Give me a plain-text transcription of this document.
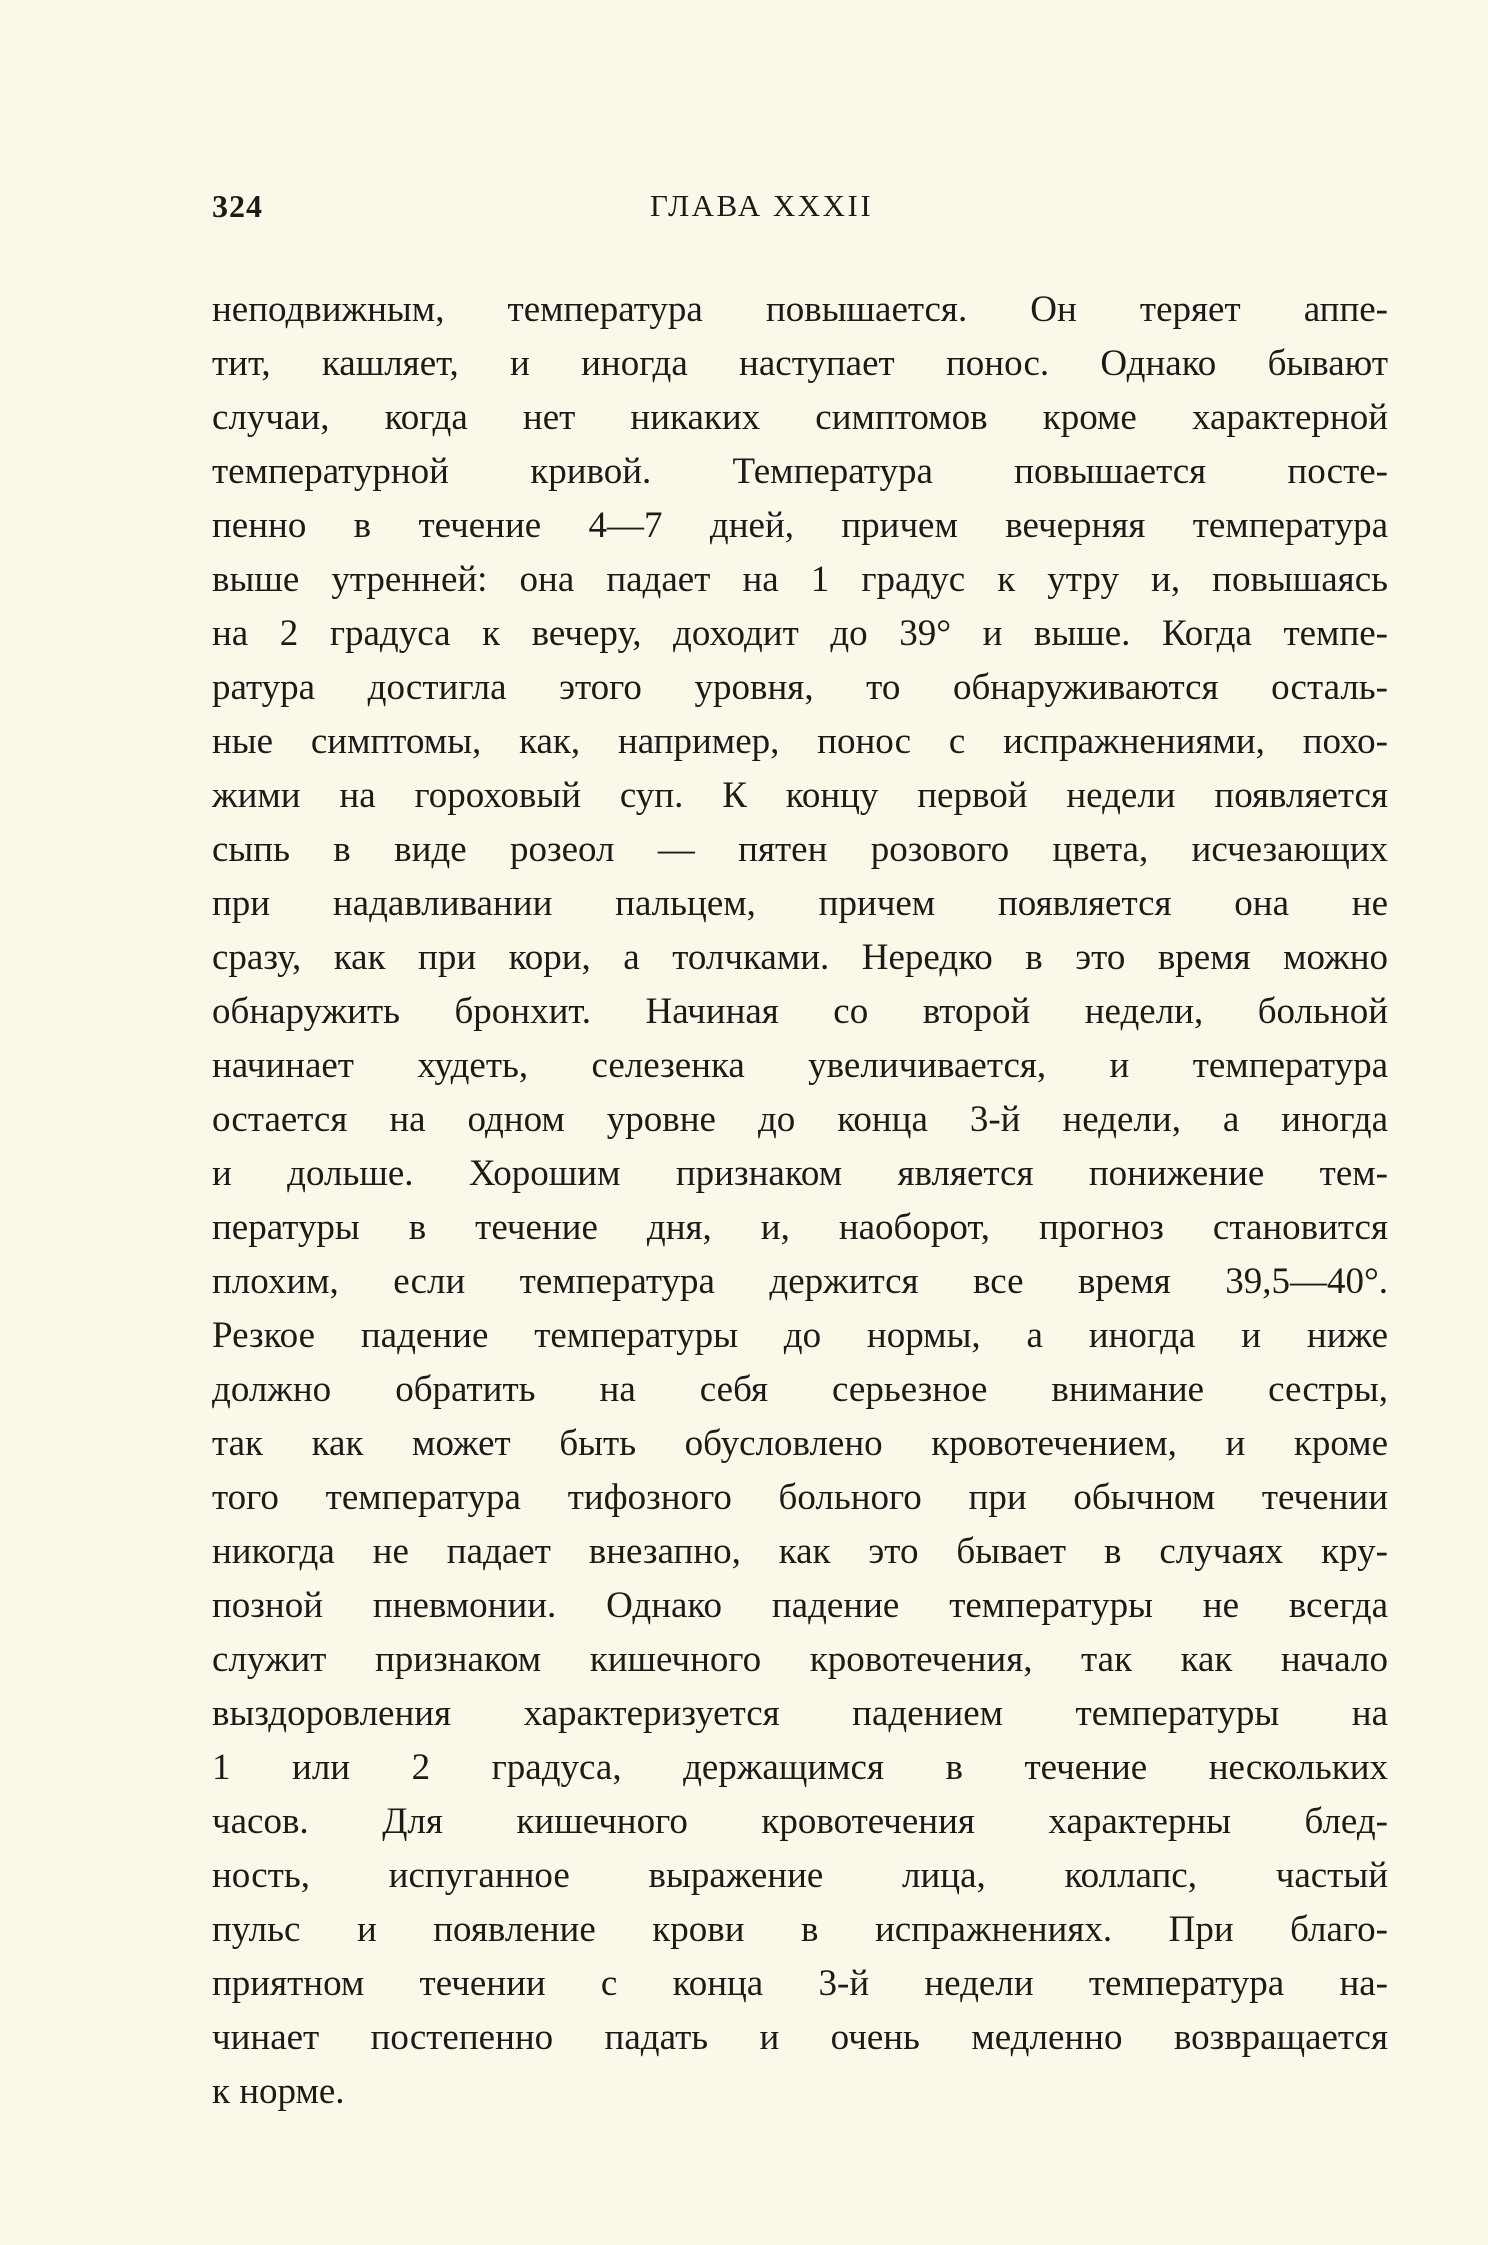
324	ГЛАВА XXXII
неподвижным, температура повышается. Он теряет аппе-
тит, кашляет, и иногда наступает понос. Однако бывают
случаи, когда нет никаких симптомов кроме характерной
температурной кривой. Температура повышается посте-
пенно в течение 4—7 дней, причем вечерняя температура
выше утренней: она падает на 1 градус к утру и, повышаясь
на 2 градуса к вечеру, доходит до 39° и выше. Когда темпе-
ратура достигла этого уровня, то обнаруживаются осталь-
ные симптомы, как, например, понос с испражнениями, похо-
жими на гороховый суп. К концу первой недели появляется
сыпь в виде розеол — пятен розового цвета, исчезающих
при надавливании пальцем, причем появляется она не
сразу, как при кори, а толчками. Нередко в это время можно
обнаружить бронхит. Начиная со второй недели, больной
начинает худеть, селезенка увеличивается, и температура
остается на одном уровне до конца 3-й недели, а иногда
и дольше. Хорошим признаком является понижение тем-
пературы в течение дня, и, наоборот, прогноз становится
плохим, если температура держится все время 39,5—40°.
Резкое падение температуры до нормы, а иногда и ниже
должно обратить на себя серьезное внимание сестры,
так как может быть обусловлено кровотечением, и кроме
того температура тифозного больного при обычном течении
никогда не падает внезапно, как это бывает в случаях кру-
позной пневмонии. Однако падение температуры не всегда
служит признаком кишечного кровотечения, так как начало
выздоровления характеризуется падением температуры на
1 или 2 градуса, держащимся в течение нескольких
часов. Для кишечного кровотечения характерны блед-
ность, испуганное выражение лица, коллапс, частый
пульс и появление крови в испражнениях. При благо-
приятном течении с конца 3-й недели температура на-
чинает постепенно падать и очень медленно возвращается
к норме.
